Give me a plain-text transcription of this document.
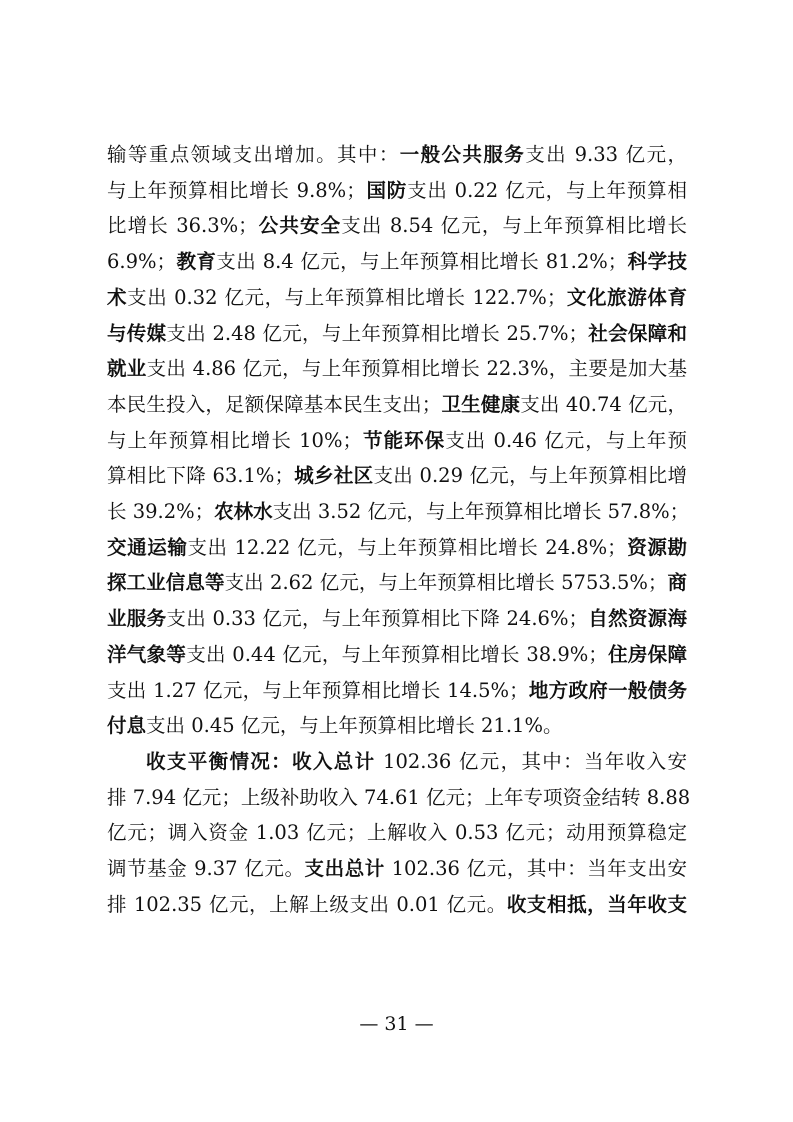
输等重点领域支出增加。其中：一般公共服务支出 9.33 亿元，
与上年预算相比增长 9.8%；国防支出 0.22 亿元，与上年预算相
比增长 36.3%；公共安全支出 8.54 亿元，与上年预算相比增长
6.9%；教育支出 8.4 亿元，与上年预算相比增长 81.2%；科学技
术支出 0.32 亿元，与上年预算相比增长 122.7%；文化旅游体育
与传媒支出 2.48 亿元，与上年预算相比增长 25.7%；社会保障和
就业支出 4.86 亿元，与上年预算相比增长 22.3%，主要是加大基
本民生投入，足额保障基本民生支出；卫生健康支出 40.74 亿元，
与上年预算相比增长 10%；节能环保支出 0.46 亿元，与上年预
算相比下降 63.1%；城乡社区支出 0.29 亿元，与上年预算相比增
长 39.2%；农林水支出 3.52 亿元，与上年预算相比增长 57.8%；
交通运输支出 12.22 亿元，与上年预算相比增长 24.8%；资源勘
探工业信息等支出 2.62 亿元，与上年预算相比增长 5753.5%；商
业服务支出 0.33 亿元，与上年预算相比下降 24.6%；自然资源海
洋气象等支出 0.44 亿元，与上年预算相比增长 38.9%；住房保障
支出 1.27 亿元，与上年预算相比增长 14.5%；地方政府一般债务
付息支出 0.45 亿元，与上年预算相比增长 21.1%。
收支平衡情况：收入总计 102.36 亿元，其中：当年收入安
排 7.94 亿元；上级补助收入 74.61 亿元；上年专项资金结转 8.88
亿元；调入资金 1.03 亿元；上解收入 0.53 亿元；动用预算稳定
调节基金 9.37 亿元。支出总计 102.36 亿元，其中：当年支出安
排 102.35 亿元，上解上级支出 0.01 亿元。收支相抵，当年收支
— 31 —
